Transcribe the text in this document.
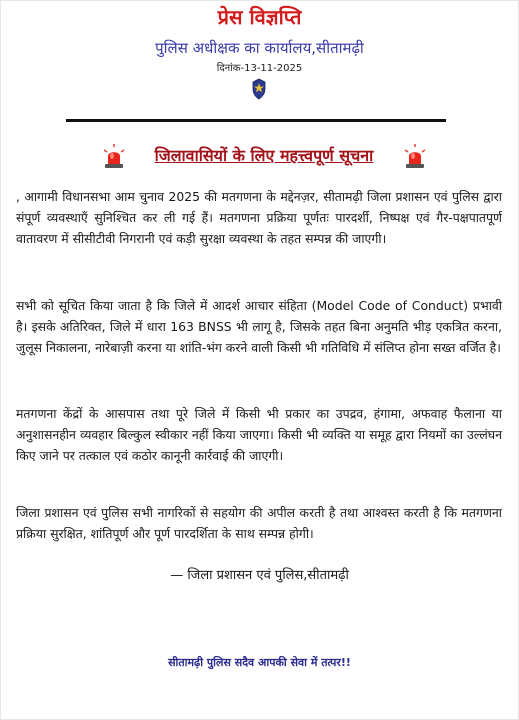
प्रेस विज्ञप्ति
पुलिस अधीक्षक का कार्यालय,सीतामढ़ी
दिनांक-13-11-2025
जिलावासियों के लिए महत्त्वपूर्ण सूचना

, आगामी विधानसभा आम चुनाव 2025 की मतगणना के मद्देनज़र, सीतामढ़ी जिला प्रशासन एवं पुलिस द्वारा संपूर्ण व्यवस्थाएँ सुनिश्चित कर ली गई हैं। मतगणना प्रक्रिया पूर्णतः पारदर्शी, निष्पक्ष एवं गैर-पक्षपातपूर्ण वातावरण में सीसीटीवी निगरानी एवं कड़ी सुरक्षा व्यवस्था के तहत सम्पन्न की जाएगी।

सभी को सूचित किया जाता है कि जिले में आदर्श आचार संहिता (Model Code of Conduct) प्रभावी है। इसके अतिरिक्त, जिले में धारा 163 BNSS भी लागू है, जिसके तहत बिना अनुमति भीड़ एकत्रित करना, जुलूस निकालना, नारेबाज़ी करना या शांति-भंग करने वाली किसी भी गतिविधि में संलिप्त होना सख्त वर्जित है।

मतगणना केंद्रों के आसपास तथा पूरे जिले में किसी भी प्रकार का उपद्रव, हंगामा, अफवाह फैलाना या अनुशासनहीन व्यवहार बिल्कुल स्वीकार नहीं किया जाएगा। किसी भी व्यक्ति या समूह द्वारा नियमों का उल्लंघन किए जाने पर तत्काल एवं कठोर कानूनी कार्रवाई की जाएगी।

जिला प्रशासन एवं पुलिस सभी नागरिकों से सहयोग की अपील करती है तथा आश्वस्त करती है कि मतगणना प्रक्रिया सुरक्षित, शांतिपूर्ण और पूर्ण पारदर्शिता के साथ सम्पन्न होगी।

— जिला प्रशासन एवं पुलिस,सीतामढ़ी
सीतामढ़ी पुलिस सदैव आपकी सेवा में तत्पर!!
